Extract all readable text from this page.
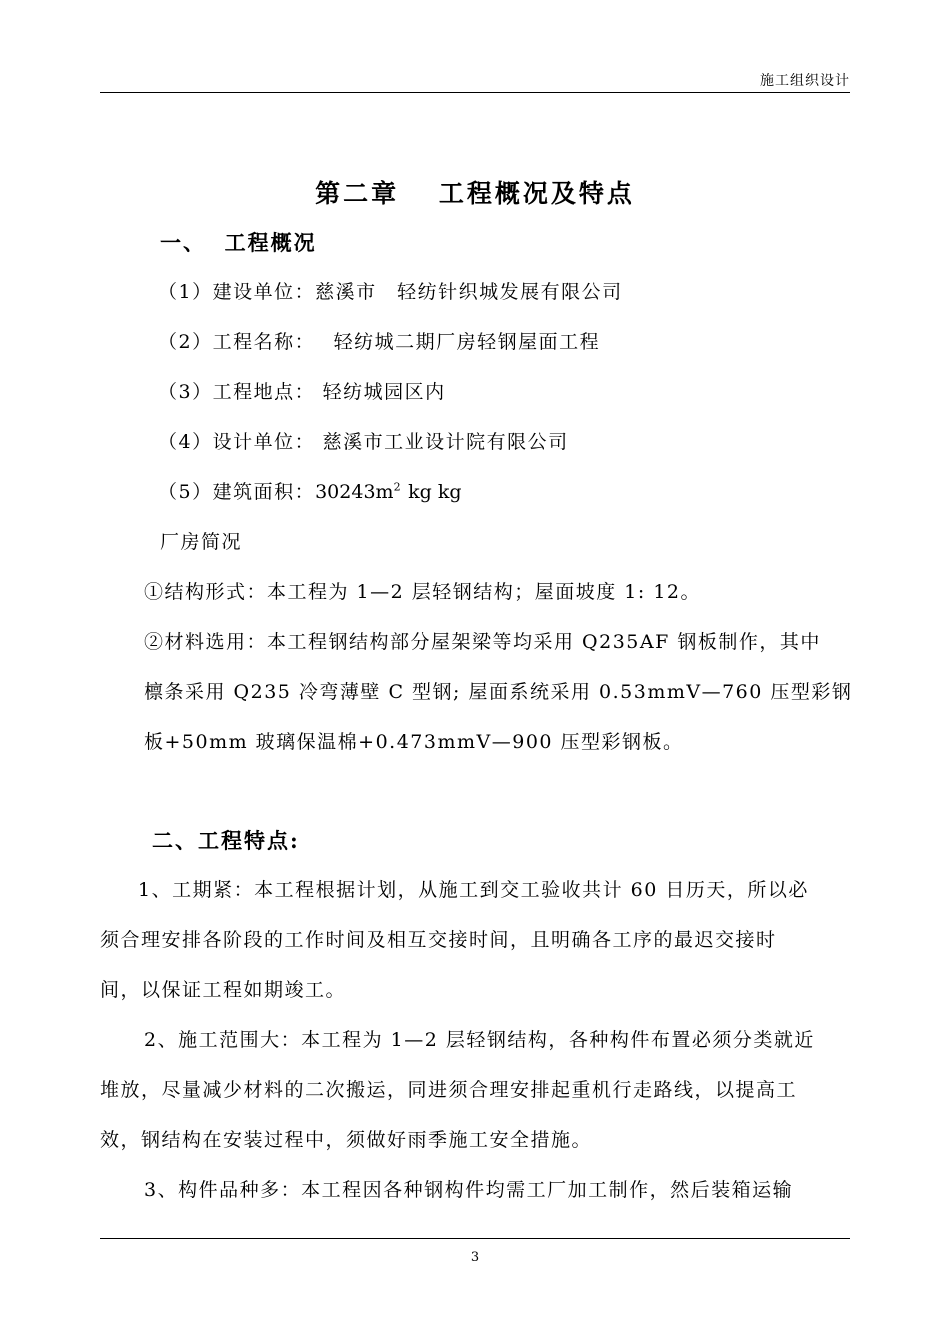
施工组织设计
第二章　 工程概况及特点
一、  工程概况
（1）建设单位：慈溪市　轻纺针织城发展有限公司
（2）工程名称：　 轻纺城二期厂房轻钢屋面工程
（3）工程地点： 轻纺城园区内
（4）设计单位： 慈溪市工业设计院有限公司
（5）建筑面积：$30243m^2$ kg kg
厂房简况
①结构形式：本工程为 1—2 层轻钢结构；屋面坡度 1: 12。
②材料选用：本工程钢结构部分屋架梁等均采用 Q235AF 钢板制作，其中
檩条采用 Q235 冷弯薄壁 C 型钢; 屋面系统采用 0.53mmV—760 压型彩钢
板+50mm 玻璃保温棉+0.473mmV—900 压型彩钢板。
二、工程特点:
1、工期紧：本工程根据计划，从施工到交工验收共计 60 日历天，所以必
须合理安排各阶段的工作时间及相互交接时间，且明确各工序的最迟交接时
间，以保证工程如期竣工。
2、施工范围大：本工程为 1—2 层轻钢结构，各种构件布置必须分类就近
堆放，尽量减少材料的二次搬运，同进须合理安排起重机行走路线，以提高工
效，钢结构在安装过程中，须做好雨季施工安全措施。
3、构件品种多：本工程因各种钢构件均需工厂加工制作，然后装箱运输
3
